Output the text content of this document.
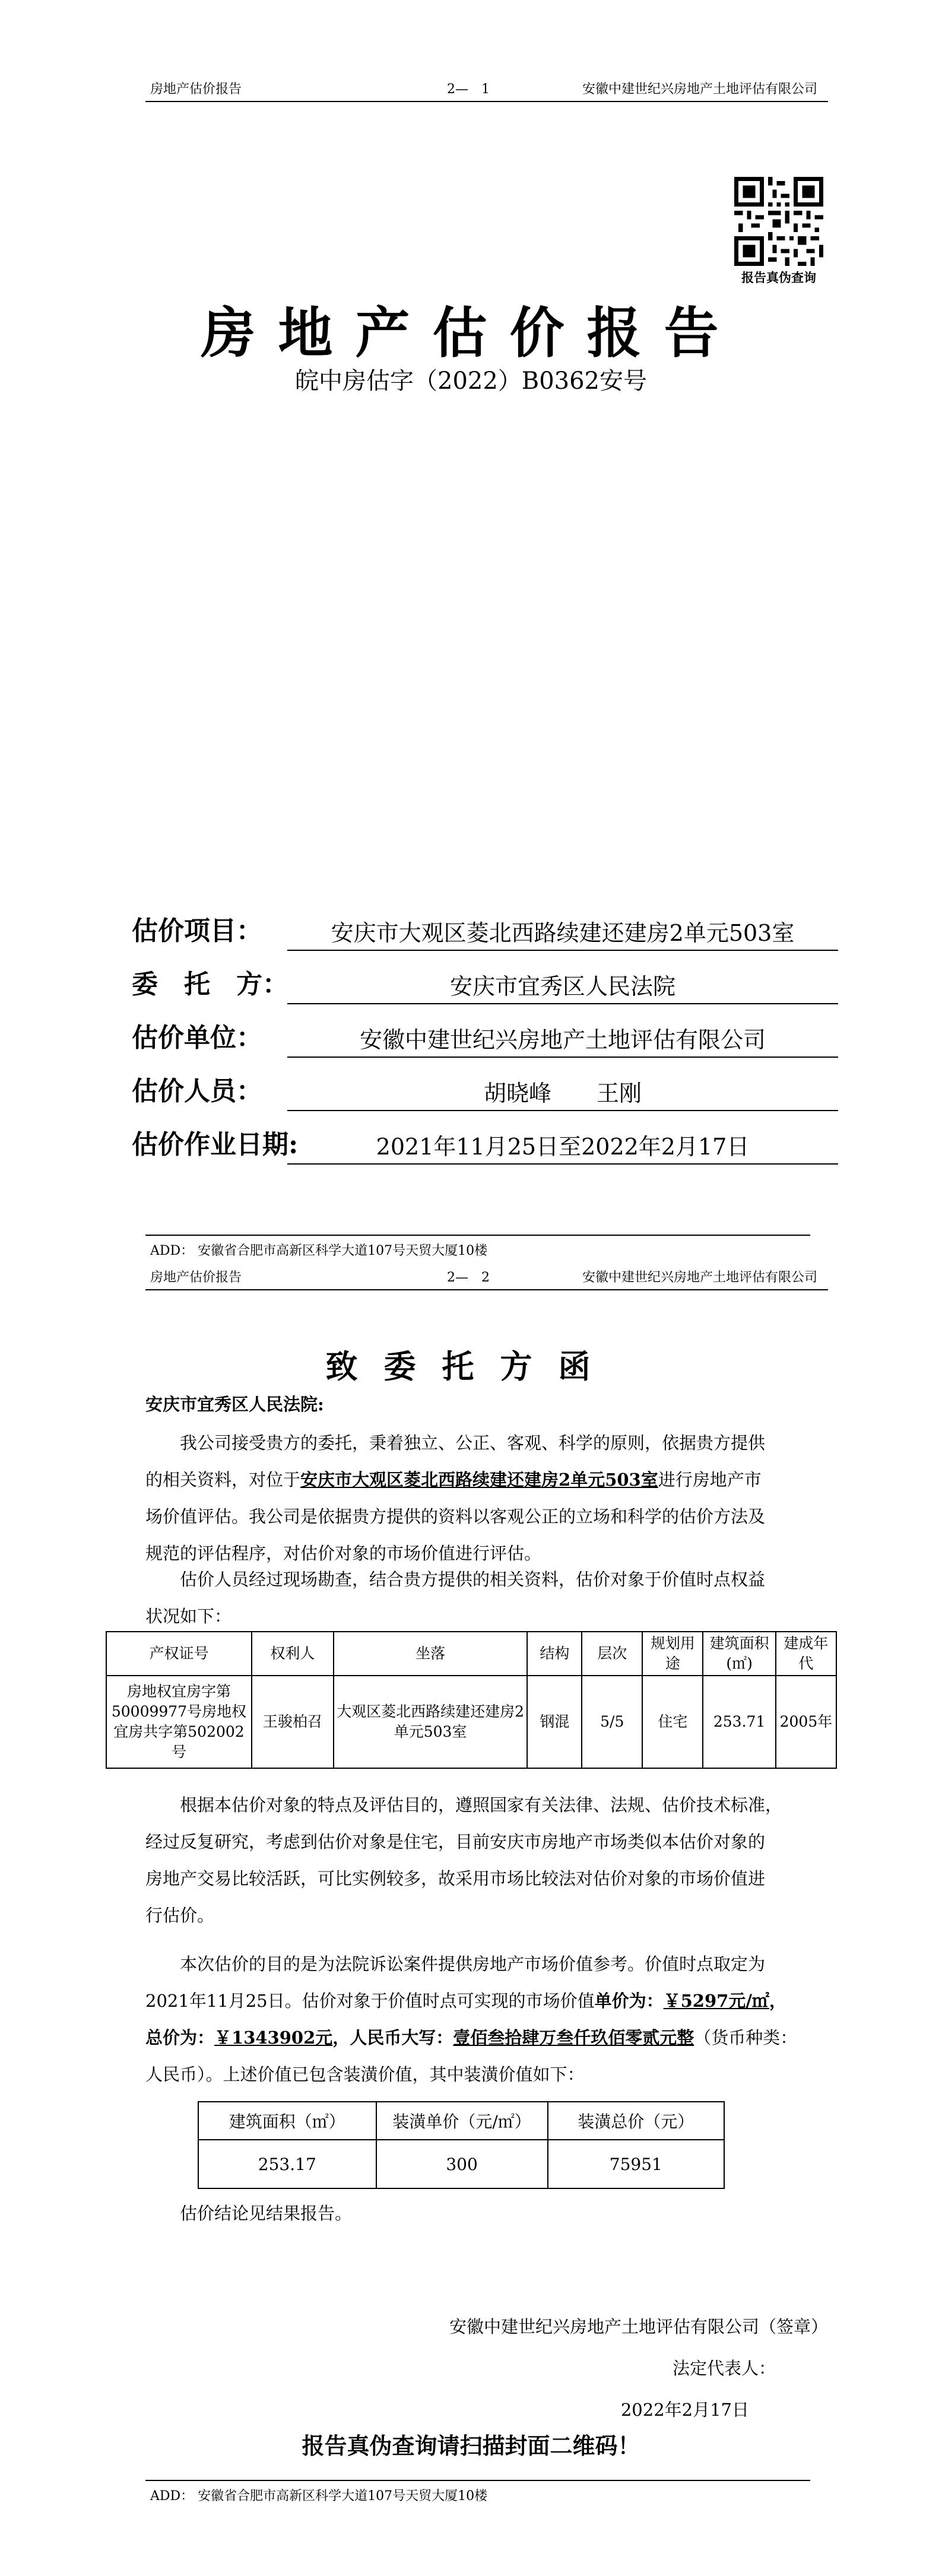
房地产估价报告	2—　1	安徽中建世纪兴房地产土地评估有限公司
报告真伪查询
房地产估价报告
皖中房估字（2022）B0362安号
估价项目：	安庆市大观区菱北西路续建还建房2单元503室
委　托　方：	安庆市宜秀区人民法院
估价单位：	安徽中建世纪兴房地产土地评估有限公司
估价人员：	胡晓峰　　王刚
估价作业日期:	2021年11月25日至2022年2月17日
ADD： 安徽省合肥市高新区科学大道107号天贸大厦10楼
房地产估价报告	2—　2	安徽中建世纪兴房地产土地评估有限公司
致委托方函
安庆市宜秀区人民法院:
我公司接受贵方的委托，秉着独立、公正、客观、科学的原则，依据贵方提供
的相关资料，对位于安庆市大观区菱北西路续建还建房2单元503室进行房地产市
场价值评估。我公司是依据贵方提供的资料以客观公正的立场和科学的估价方法及
规范的评估程序，对估价对象的市场价值进行评估。
估价人员经过现场勘查，结合贵方提供的相关资料，估价对象于价值时点权益
状况如下：
产权证号	权利人	坐落	结构	层次	规划用途	建筑面积(㎡)	建成年代
房地权宜房字第50009977号房地权宜房共字第502002号	王骏柏召	大观区菱北西路续建还建房2单元503室	钢混	5/5	住宅	253.71	2005年
根据本估价对象的特点及评估目的，遵照国家有关法律、法规、估价技术标准，
经过反复研究，考虑到估价对象是住宅，目前安庆市房地产市场类似本估价对象的
房地产交易比较活跃，可比实例较多，故采用市场比较法对估价对象的市场价值进
行估价。
本次估价的目的是为法院诉讼案件提供房地产市场价值参考。价值时点取定为
2021年11月25日。估价对象于价值时点可实现的市场价值单价为：￥5297元/㎡，
总价为：￥1343902元，人民币大写：壹佰叁拾肆万叁仟玖佰零贰元整（货币种类：
人民币）。上述价值已包含装潢价值，其中装潢价值如下：
建筑面积（㎡）	装潢单价（元/㎡）	装潢总价（元）
253.17	300	75951
估价结论见结果报告。
安徽中建世纪兴房地产土地评估有限公司（签章）
法定代表人：
2022年2月17日
报告真伪查询请扫描封面二维码！
ADD： 安徽省合肥市高新区科学大道107号天贸大厦10楼
